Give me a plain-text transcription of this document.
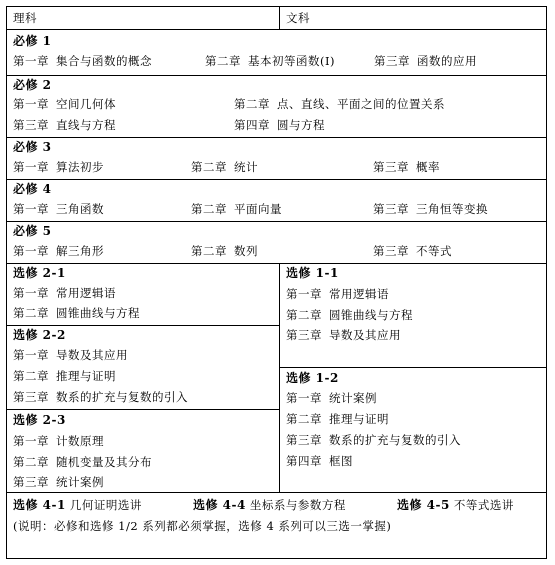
理科	文科
必修 1
第一章 集合与函数的概念	第二章 基本初等函数(I)	第三章 函数的应用
必修 2
第一章 空间几何体	第二章 点、直线、平面之间的位置关系
第三章 直线与方程	第四章 圆与方程
必修 3
第一章 算法初步	第二章 统计	第三章 概率
必修 4
第一章 三角函数	第二章 平面向量	第三章 三角恒等变换
必修 5
第一章 解三角形	第二章 数列	第三章 不等式
选修 2-1
第一章 常用逻辑语
第二章 圆锥曲线与方程
选修 2-2
第一章 导数及其应用
第二章 推理与证明
第三章 数系的扩充与复数的引入
选修 2-3
第一章 计数原理
第二章 随机变量及其分布
第三章 统计案例
选修 1-1
第一章 常用逻辑语
第二章 圆锥曲线与方程
第三章 导数及其应用
选修 1-2
第一章 统计案例
第二章 推理与证明
第三章 数系的扩充与复数的引入
第四章 框图
选修 4-1 几何证明选讲	选修 4-4 坐标系与参数方程	选修 4-5 不等式选讲
(说明：必修和选修 1/2 系列都必须掌握，选修 4 系列可以三选一掌握)
